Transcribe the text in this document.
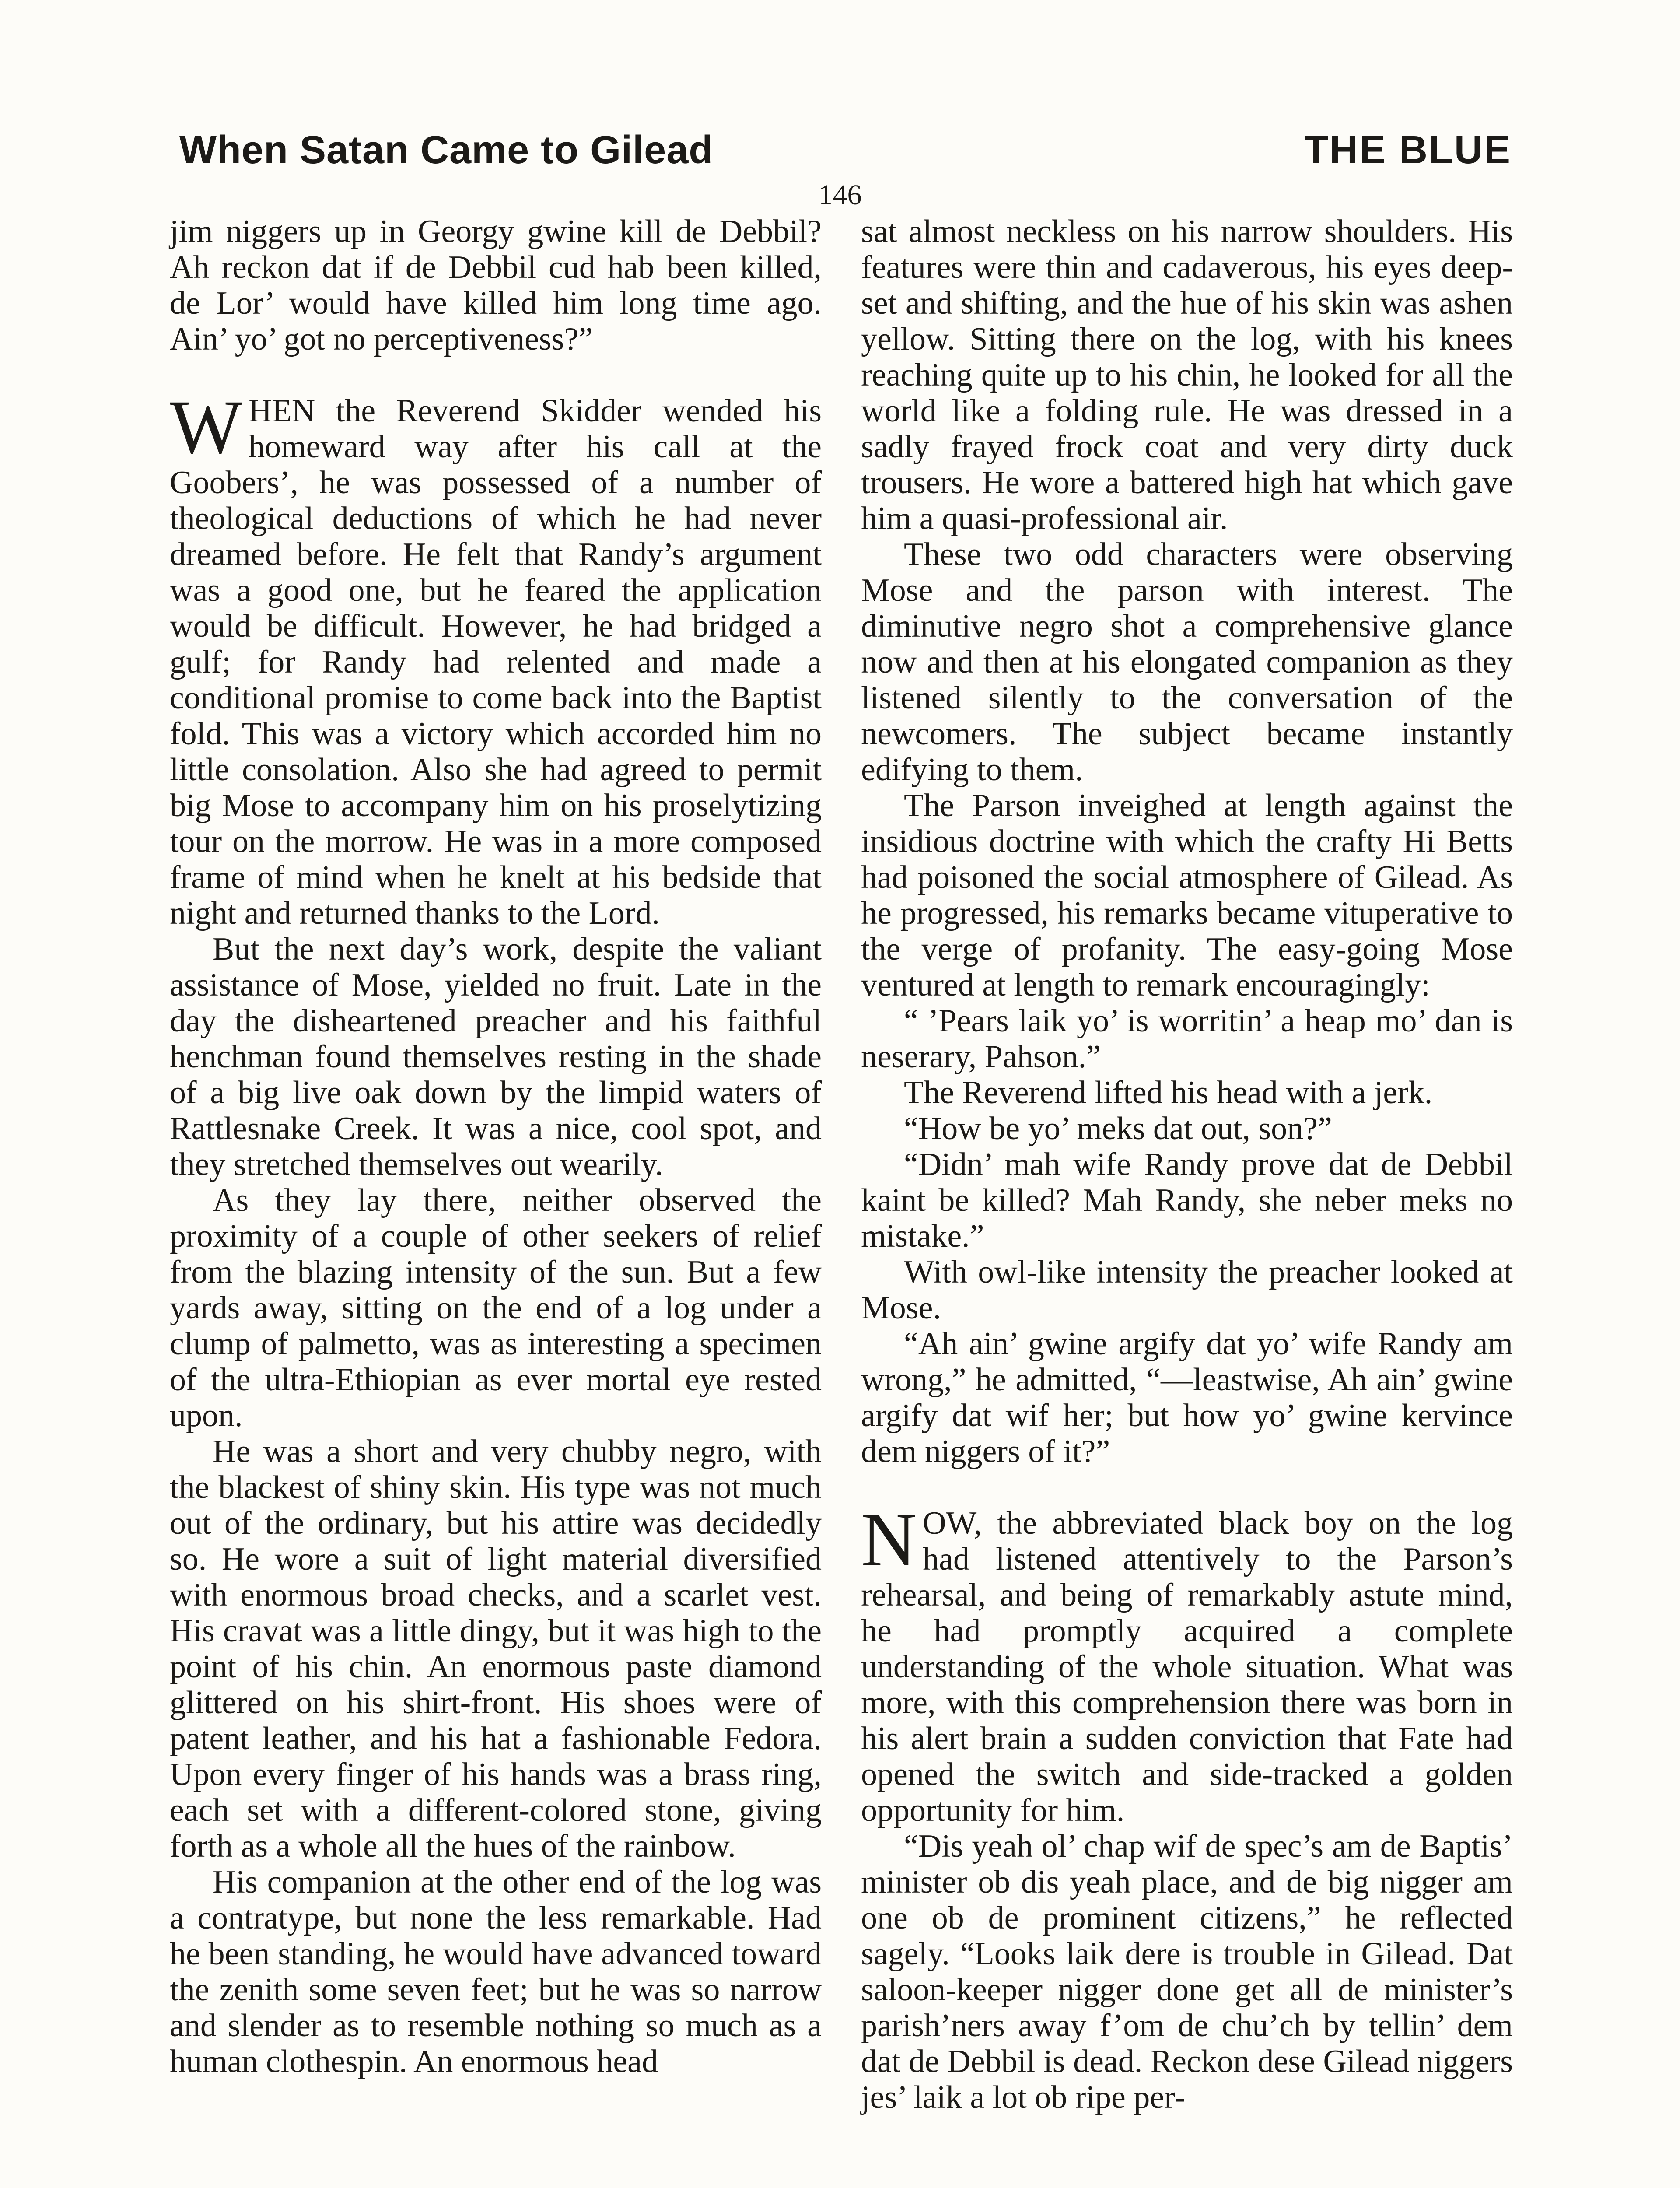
When Satan Came to Gilead	THE BLUE
146

jim niggers up in Georgy gwine kill de Debbil? Ah reckon dat if de Debbil cud hab been killed, de Lor’ would have killed him long time ago. Ain’ yo’ got no perceptiveness?”

WHEN the Reverend Skidder wended his homeward way after his call at the Goobers’, he was possessed of a number of theological deductions of which he had never dreamed before. He felt that Randy’s argument was a good one, but he feared the application would be difficult. However, he had bridged a gulf; for Randy had relented and made a conditional promise to come back into the Baptist fold. This was a victory which accorded him no little consolation. Also she had agreed to permit big Mose to accompany him on his proselytizing tour on the morrow. He was in a more composed frame of mind when he knelt at his bedside that night and returned thanks to the Lord.

But the next day’s work, despite the valiant assistance of Mose, yielded no fruit. Late in the day the disheartened preacher and his faithful henchman found themselves resting in the shade of a big live oak down by the limpid waters of Rattlesnake Creek. It was a nice, cool spot, and they stretched themselves out wearily.

As they lay there, neither observed the proximity of a couple of other seekers of relief from the blazing intensity of the sun. But a few yards away, sitting on the end of a log under a clump of palmetto, was as interesting a specimen of the ultra-Ethiopian as ever mortal eye rested upon.

He was a short and very chubby negro, with the blackest of shiny skin. His type was not much out of the ordinary, but his attire was decidedly so. He wore a suit of light material diversified with enormous broad checks, and a scarlet vest. His cravat was a little dingy, but it was high to the point of his chin. An enormous paste diamond glittered on his shirt-front. His shoes were of patent leather, and his hat a fashionable Fedora. Upon every finger of his hands was a brass ring, each set with a different-colored stone, giving forth as a whole all the hues of the rainbow.

His companion at the other end of the log was a contratype, but none the less remarkable. Had he been standing, he would have advanced toward the zenith some seven feet; but he was so narrow and slender as to resemble nothing so much as a human clothespin. An enormous head

sat almost neckless on his narrow shoulders. His features were thin and cadaverous, his eyes deep-set and shifting, and the hue of his skin was ashen yellow. Sitting there on the log, with his knees reaching quite up to his chin, he looked for all the world like a folding rule. He was dressed in a sadly frayed frock coat and very dirty duck trousers. He wore a battered high hat which gave him a quasi-professional air.

These two odd characters were observing Mose and the parson with interest. The diminutive negro shot a comprehensive glance now and then at his elongated companion as they listened silently to the conversation of the newcomers. The subject became instantly edifying to them.

The Parson inveighed at length against the insidious doctrine with which the crafty Hi Betts had poisoned the social atmosphere of Gilead. As he progressed, his remarks became vituperative to the verge of profanity. The easy-going Mose ventured at length to remark encouragingly:

“ ’Pears laik yo’ is worritin’ a heap mo’ dan is neserary, Pahson.”

The Reverend lifted his head with a jerk.

“How be yo’ meks dat out, son?”

“Didn’ mah wife Randy prove dat de Debbil kaint be killed? Mah Randy, she neber meks no mistake.”

With owl-like intensity the preacher looked at Mose.

“Ah ain’ gwine argify dat yo’ wife Randy am wrong,” he admitted, “—leastwise, Ah ain’ gwine argify dat wif her; but how yo’ gwine kervince dem niggers of it?”

NOW, the abbreviated black boy on the log had listened attentively to the Parson’s rehearsal, and being of remarkably astute mind, he had promptly acquired a complete understanding of the whole situation. What was more, with this comprehension there was born in his alert brain a sudden conviction that Fate had opened the switch and side-tracked a golden opportunity for him.

“Dis yeah ol’ chap wif de spec’s am de Baptis’ minister ob dis yeah place, and de big nigger am one ob de prominent citizens,” he reflected sagely. “Looks laik dere is trouble in Gilead. Dat saloon-keeper nigger done get all de minister’s parish’ners away f’om de chu’ch by tellin’ dem dat de Debbil is dead. Reckon dese Gilead niggers jes’ laik a lot ob ripe per-
